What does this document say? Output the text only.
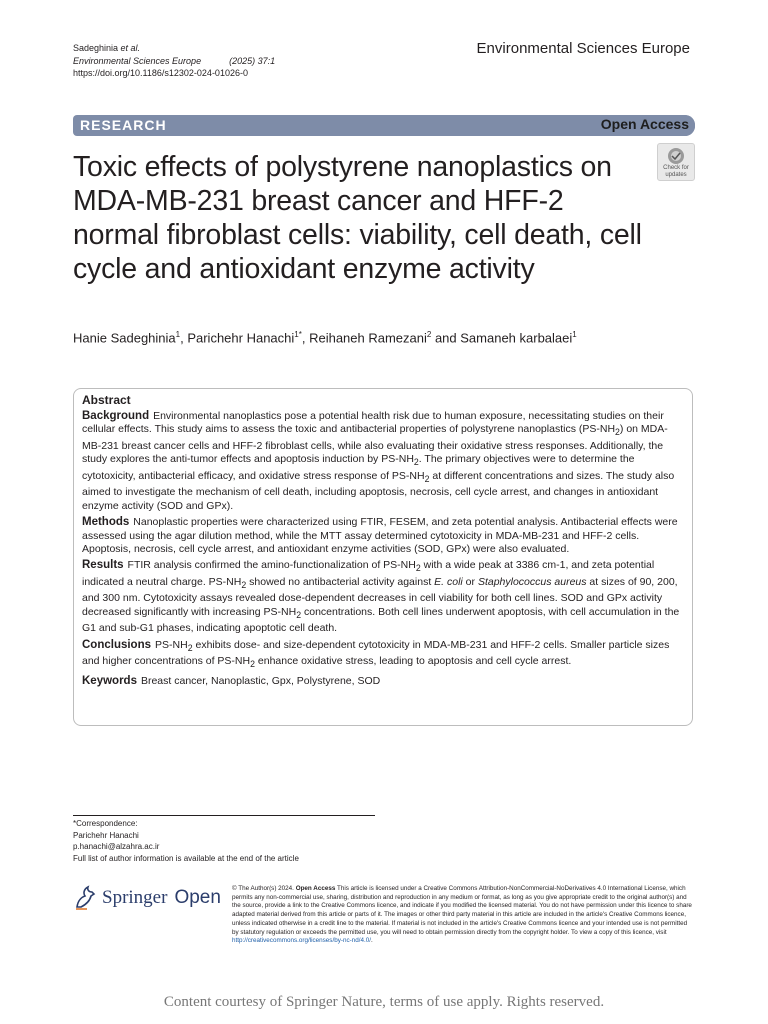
Sadeghinia et al.
Environmental Sciences Europe	(2025) 37:1
https://doi.org/10.1186/s12302-024-01026-0
Environmental Sciences Europe
RESEARCH	Open Access
Toxic effects of polystyrene nanoplastics on MDA-MB-231 breast cancer and HFF-2 normal fibroblast cells: viability, cell death, cell cycle and antioxidant enzyme activity
Check for
updates
Hanie Sadeghinia$^1$, Parichehr Hanachi$^{1*}$, Reihaneh Ramezani$^2$ and Samaneh karbalaei$^1$
Abstract

Background Environmental nanoplastics pose a potential health risk due to human exposure, necessitating studies on their cellular effects. This study aims to assess the toxic and antibacterial properties of polystyrene nanoplastics $(PS-NH_2)$ on MDA-MB-231 breast cancer cells and HFF-2 fibroblast cells, while also evaluating their oxidative stress responses. Additionally, the study explores the anti-tumor effects and apoptosis induction by $PS-NH_2$. The primary objectives were to determine the cytotoxicity, antibacterial efficacy, and oxidative stress response of $PS-NH_2$ at different concentrations and sizes. The study also aimed to investigate the mechanism of cell death, including apoptosis, necrosis, cell cycle arrest, and changes in antioxidant enzyme activity (SOD and GPx).

Methods Nanoplastic properties were characterized using FTIR, FESEM, and zeta potential analysis. Antibacterial effects were assessed using the agar dilution method, while the MTT assay determined cytotoxicity in MDA-MB-231 and HFF-2 cells. Apoptosis, necrosis, cell cycle arrest, and antioxidant enzyme activities (SOD, GPx) were also evaluated.

Results FTIR analysis confirmed the amino-functionalization of $PS-NH_2$ with a wide peak at 3386 cm-1, and zeta potential indicated a neutral charge. $PS-NH_2$ showed no antibacterial activity against E. coli or Staphylococcus aureus at sizes of 90, 200, and 300 nm. Cytotoxicity assays revealed dose-dependent decreases in cell viability for both cell lines. SOD and GPx activity decreased significantly with increasing $PS-NH_2$ concentrations. Both cell lines underwent apoptosis, with cell accumulation in the G1 and sub-G1 phases, indicating apoptotic cell death.

Conclusions $PS-NH_2$ exhibits dose- and size-dependent cytotoxicity in MDA-MB-231 and HFF-2 cells. Smaller particle sizes and higher concentrations of $PS-NH_2$ enhance oxidative stress, leading to apoptosis and cell cycle arrest.

Keywords Breast cancer, Nanoplastic, Gpx, Polystyrene, SOD

*Correspondence:
Parichehr Hanachi
p.hanachi@alzahra.ac.ir
Full list of author information is available at the end of the article
Springer Open © The Author(s) 2024. Open Access This article is licensed under a Creative Commons Attribution-NonCommercial-NoDerivatives 4.0 International License, which permits any non-commercial use, sharing, distribution and reproduction in any medium or format, as long as you give appropriate credit to the original author(s) and the source, provide a link to the Creative Commons licence, and indicate if you modified the licensed material. You do not have permission under this licence to share adapted material derived from this article or parts of it. The images or other third party material in this article are included in the article's Creative Commons licence, unless indicated otherwise in a credit line to the material. If material is not included in the article's Creative Commons licence and your intended use is not permitted by statutory regulation or exceeds the permitted use, you will need to obtain permission directly from the copyright holder. To view a copy of this licence, visit http://creativecommons.org/licenses/by-nc-nd/4.0/.
Content courtesy of Springer Nature, terms of use apply. Rights reserved.
